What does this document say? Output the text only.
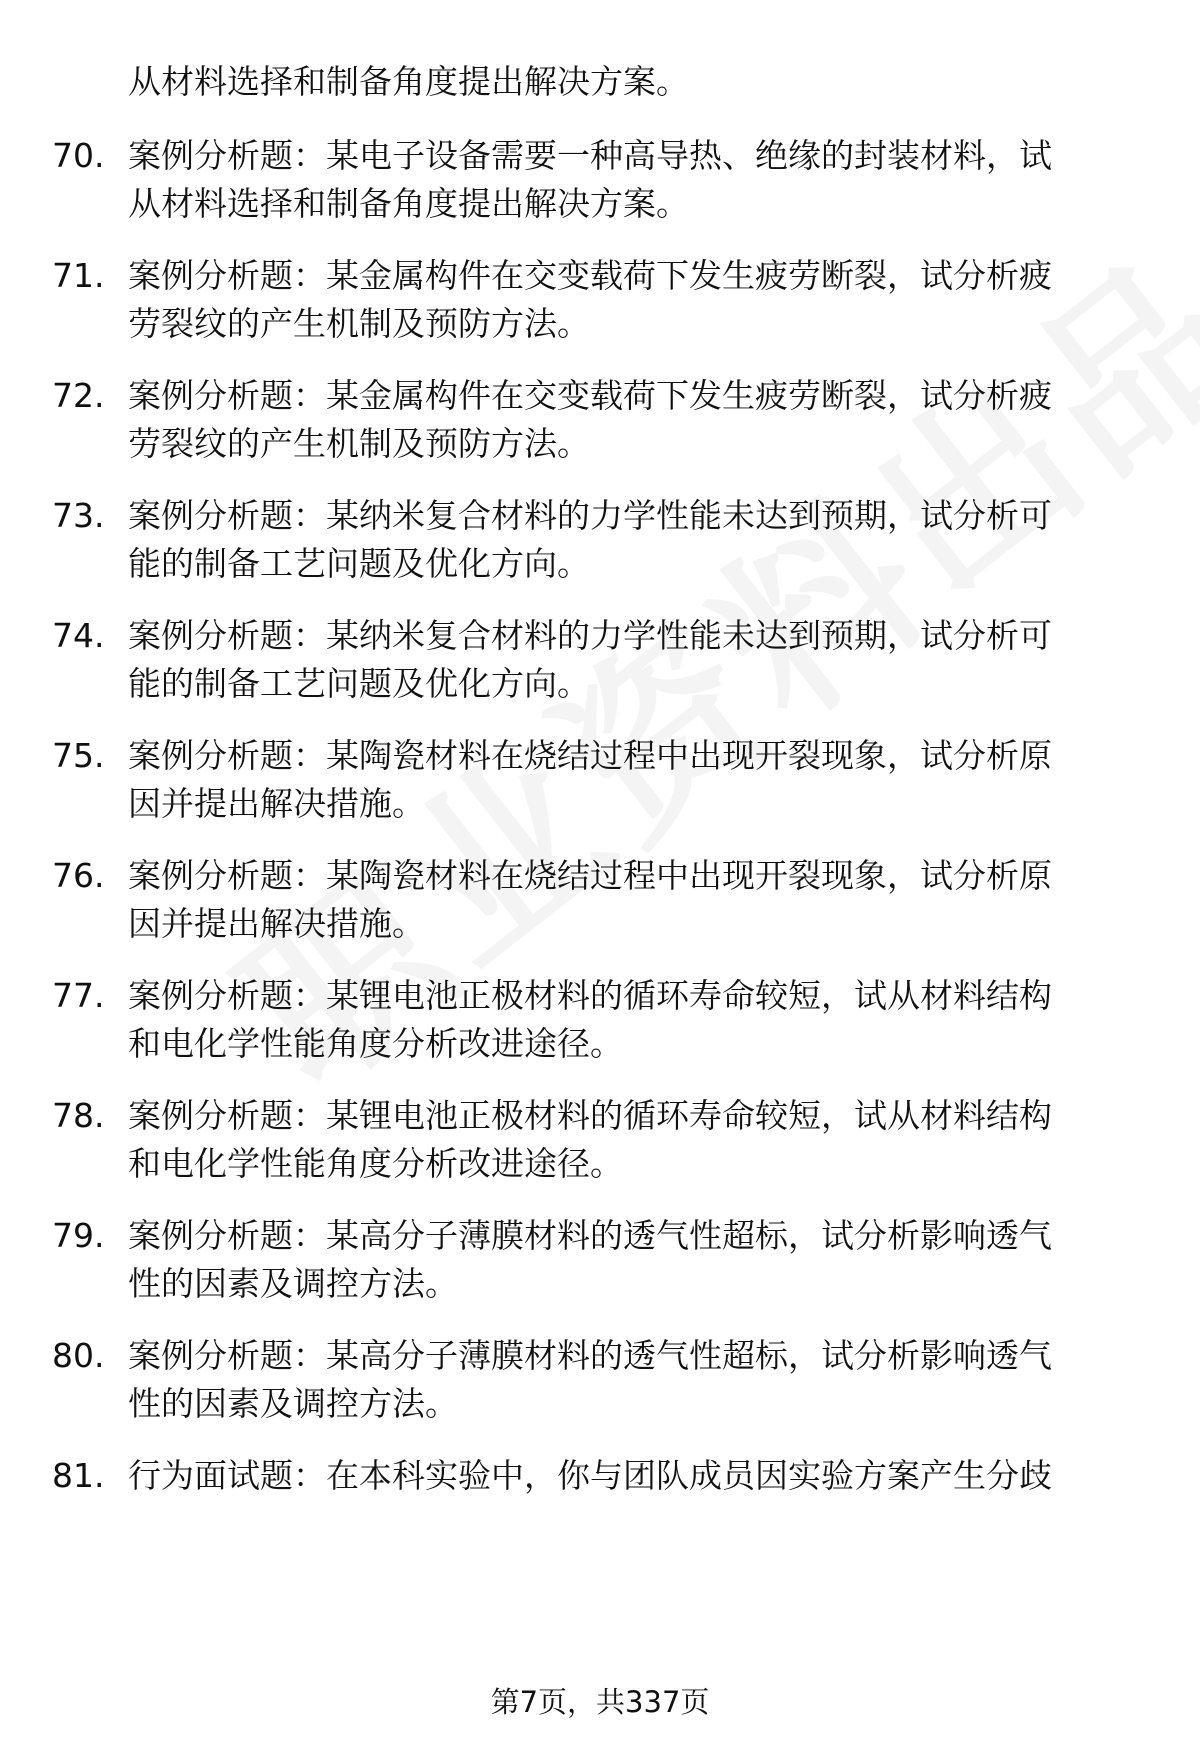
从材料选择和制备角度提出解决方案。
70. 案例分析题：某电子设备需要一种高导热、绝缘的封装材料，试
从材料选择和制备角度提出解决方案。
71. 案例分析题：某金属构件在交变载荷下发生疲劳断裂，试分析疲
劳裂纹的产生机制及预防方法。
72. 案例分析题：某金属构件在交变载荷下发生疲劳断裂，试分析疲
劳裂纹的产生机制及预防方法。
73. 案例分析题：某纳米复合材料的力学性能未达到预期，试分析可
能的制备工艺问题及优化方向。
74. 案例分析题：某纳米复合材料的力学性能未达到预期，试分析可
能的制备工艺问题及优化方向。
75. 案例分析题：某陶瓷材料在烧结过程中出现开裂现象，试分析原
因并提出解决措施。
76. 案例分析题：某陶瓷材料在烧结过程中出现开裂现象，试分析原
因并提出解决措施。
77. 案例分析题：某锂电池正极材料的循环寿命较短，试从材料结构
和电化学性能角度分析改进途径。
78. 案例分析题：某锂电池正极材料的循环寿命较短，试从材料结构
和电化学性能角度分析改进途径。
79. 案例分析题：某高分子薄膜材料的透气性超标，试分析影响透气
性的因素及调控方法。
80. 案例分析题：某高分子薄膜材料的透气性超标，试分析影响透气
性的因素及调控方法。
81. 行为面试题：在本科实验中，你与团队成员因实验方案产生分歧
第7页，共337页
